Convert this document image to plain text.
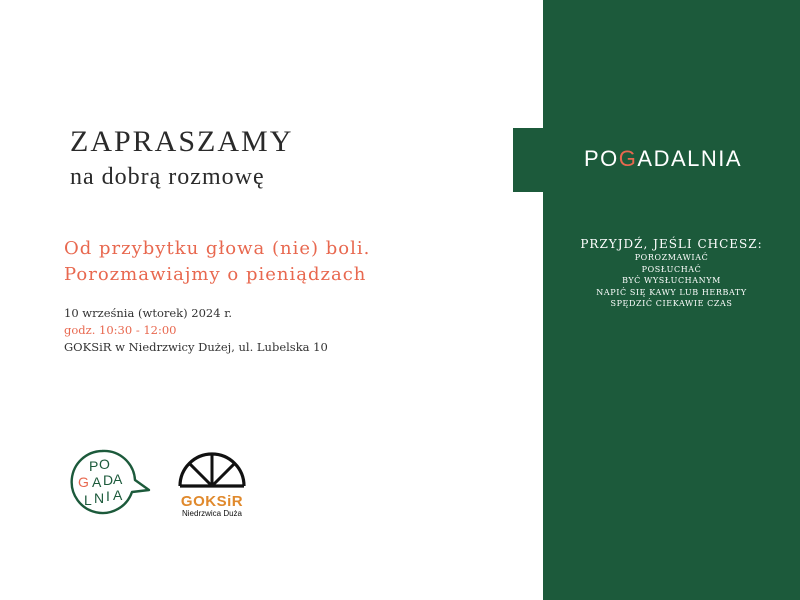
POGADALNIA
ZAPRASZAMY
na dobrą rozmowę
Od przybytku głowa (nie) boli.
Porozmawiajmy o pieniądzach
10 września (wtorek) 2024 r.
godz. 10:30 - 12:00
GOKSiR w Niedrzwicy Dużej, ul. Lubelska 10
PRZYJDŹ, JEŚLI CHCESZ:
POROZMAWIAĆ
POSŁUCHAĆ
BYĆ WYSŁUCHANYM
NAPIĆ SIĘ KAWY LUB HERBATY
SPĘDZIĆ CIEKAWIE CZAS
P O
G A D A
L N I A	GOKSiR
Niedrzwica Duża
